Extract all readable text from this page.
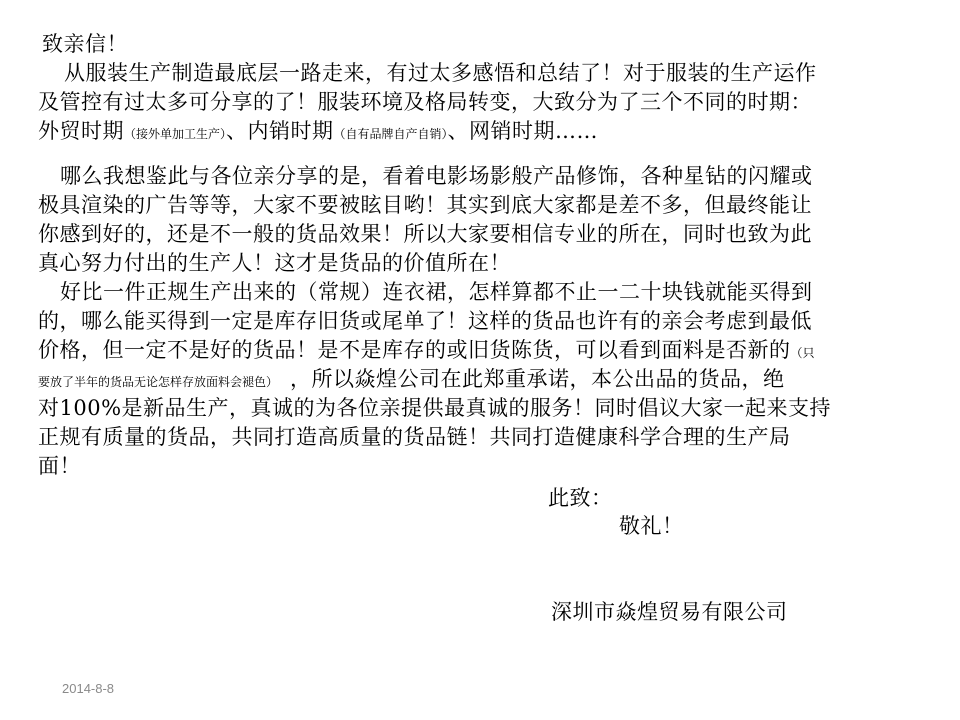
致亲信！
从服装生产制造最底层一路走来，有过太多感悟和总结了！对于服装的生产运作
及管控有过太多可分享的了！服装环境及格局转变，大致分为了三个不同的时期：
外贸时期（接外单加工生产）、内销时期（自有品牌自产自销）、网销时期……
哪么我想鉴此与各位亲分享的是，看着电影场影般产品修饰，各种星钻的闪耀或
极具渲染的广告等等，大家不要被眩目哟！其实到底大家都是差不多，但最终能让
你感到好的，还是不一般的货品效果！所以大家要相信专业的所在，同时也致为此
真心努力付出的生产人！这才是货品的价值所在！
好比一件正规生产出来的（常规）连衣裙，怎样算都不止一二十块钱就能买得到
的，哪么能买得到一定是库存旧货或尾单了！这样的货品也许有的亲会考虑到最低
价格，但一定不是好的货品！是不是库存的或旧货陈货，可以看到面料是否新的（只
要放了半年的货品无论怎样存放面料会褪色） ，所以焱煌公司在此郑重承诺，本公出品的货品，绝
对100%是新品生产，真诚的为各位亲提供最真诚的服务！同时倡议大家一起来支持
正规有质量的货品，共同打造高质量的货品链！共同打造健康科学合理的生产局
面！
此致：
敬礼！
深圳市焱煌贸易有限公司
2014-8-8
